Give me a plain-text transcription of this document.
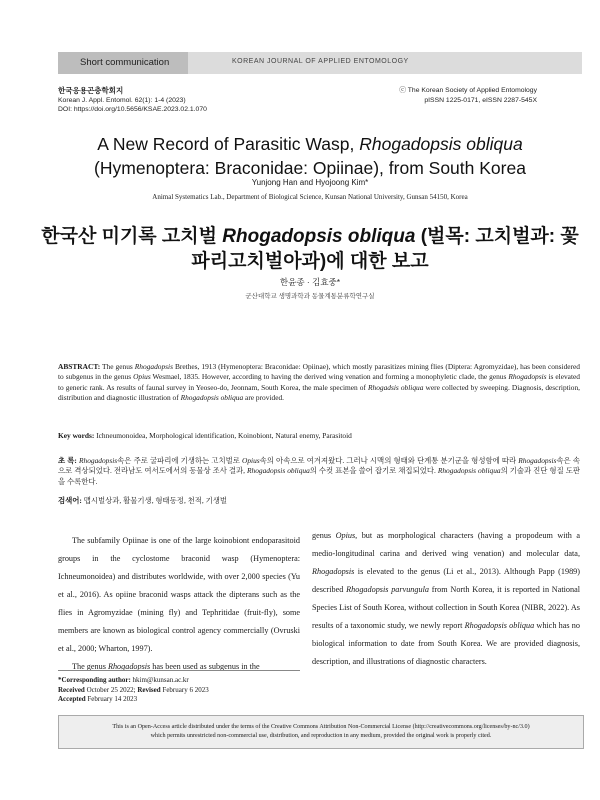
Short communication	KOREAN JOURNAL OF APPLIED ENTOMOLOGY
한국응용곤충학회지
Korean J. Appl. Entomol. 62(1): 1-4 (2023)
DOI: https://doi.org/10.5656/KSAE.2023.02.1.070
ⓒ The Korean Society of Applied Entomology
pISSN 1225-0171, eISSN 2287-545X
A New Record of Parasitic Wasp, Rhogadopsis obliqua (Hymenoptera: Braconidae: Opiinae), from South Korea
Yunjong Han and Hyojoong Kim*
Animal Systematics Lab., Department of Biological Science, Kunsan National University, Gunsan 54150, Korea
한국산 미기록 고치벌 Rhogadopsis obliqua (벌목: 고치벌과: 꽃파리고치벌아과)에 대한 보고
한윤종 · 김효중*
군산대학교 생명과학과 동물계통분류학연구실
ABSTRACT: The genus Rhogadopsis Brethes, 1913 (Hymenoptera: Braconidae: Opiinae), which mostly parasitizes mining flies (Diptera: Agromyzidae), has been considered to subgenus in the genus Opius Wesmael, 1835. However, according to having the derived wing venation and forming a monophyletic clade, the genus Rhogadopsis is elevated to generic rank. As results of faunal survey in Yeoseo-do, Jeonnam, South Korea, the male specimen of Rhogadsis obliqua were collected by sweeping. Diagnosis, description, distribution and diagnostic illustration of Rhogadopsis obliqua are provided.
Key words: Ichneumonoidea, Morphological identification, Koinobiont, Natural enemy, Parasitoid
초 록: Rhogadopsis속은 주로 굴파리에 기생하는 고치벌로 Opius속의 아속으로 여겨져왔다. 그러나 시맥의 형태와 단계통 분기군을 형성함에 따라 Rhogadopsis속은 속으로 격상되었다. 전라남도 여서도에서의 동물상 조사 결과, Rhogadopsis obliqua의 수컷 표본을 쓸어 잡기로 채집되었다. Rhogadopsis obliqua의 기술과 진단 형질 도판을 수록한다.
검색어: 맵시벌상과, 활물기생, 형태동정, 천적, 기생벌

The subfamily Opiinae is one of the large koinobiont endoparasitoid groups in the cyclostome braconid wasp (Hymenoptera: Ichneumonoidea) and distributes worldwide, with over 2,000 species (Yu et al., 2016). As opiine braconid wasps attack the dipterans such as the flies in Agromyzidae (mining fly) and Tephritidae (fruit-fly), some members are known as biological control agency commercially (Ovruski et al., 2000; Wharton, 1997).

The genus Rhogadopsis has been used as subgenus in the

genus Opius, but as morphological characters (having a propodeum with a medio-longitudinal carina and derived wing venation) and molecular data, Rhogadopsis is elevated to the genus (Li et al., 2013). Although Papp (1989) described Rhogadopsis parvungula from North Korea, it is reported in National Species List of South Korea, without collection in South Korea (NIBR, 2022). As results of a taxonomic study, we newly report Rhogadopsis obliqua which has no biological information to date from South Korea. We are provided diagnosis, description, and illustrations of diagnostic characters.

*Corresponding author: hkim@kunsan.ac.kr
Received October 25 2022; Revised February 6 2023
Accepted February 14 2023
This is an Open-Access article distributed under the terms of the Creative Commons Attribution Non-Commercial License (http://creativecommons.org/licenses/by-nc/3.0)
which permits unrestricted non-commercial use, distribution, and reproduction in any medium, provided the original work is properly cited.
